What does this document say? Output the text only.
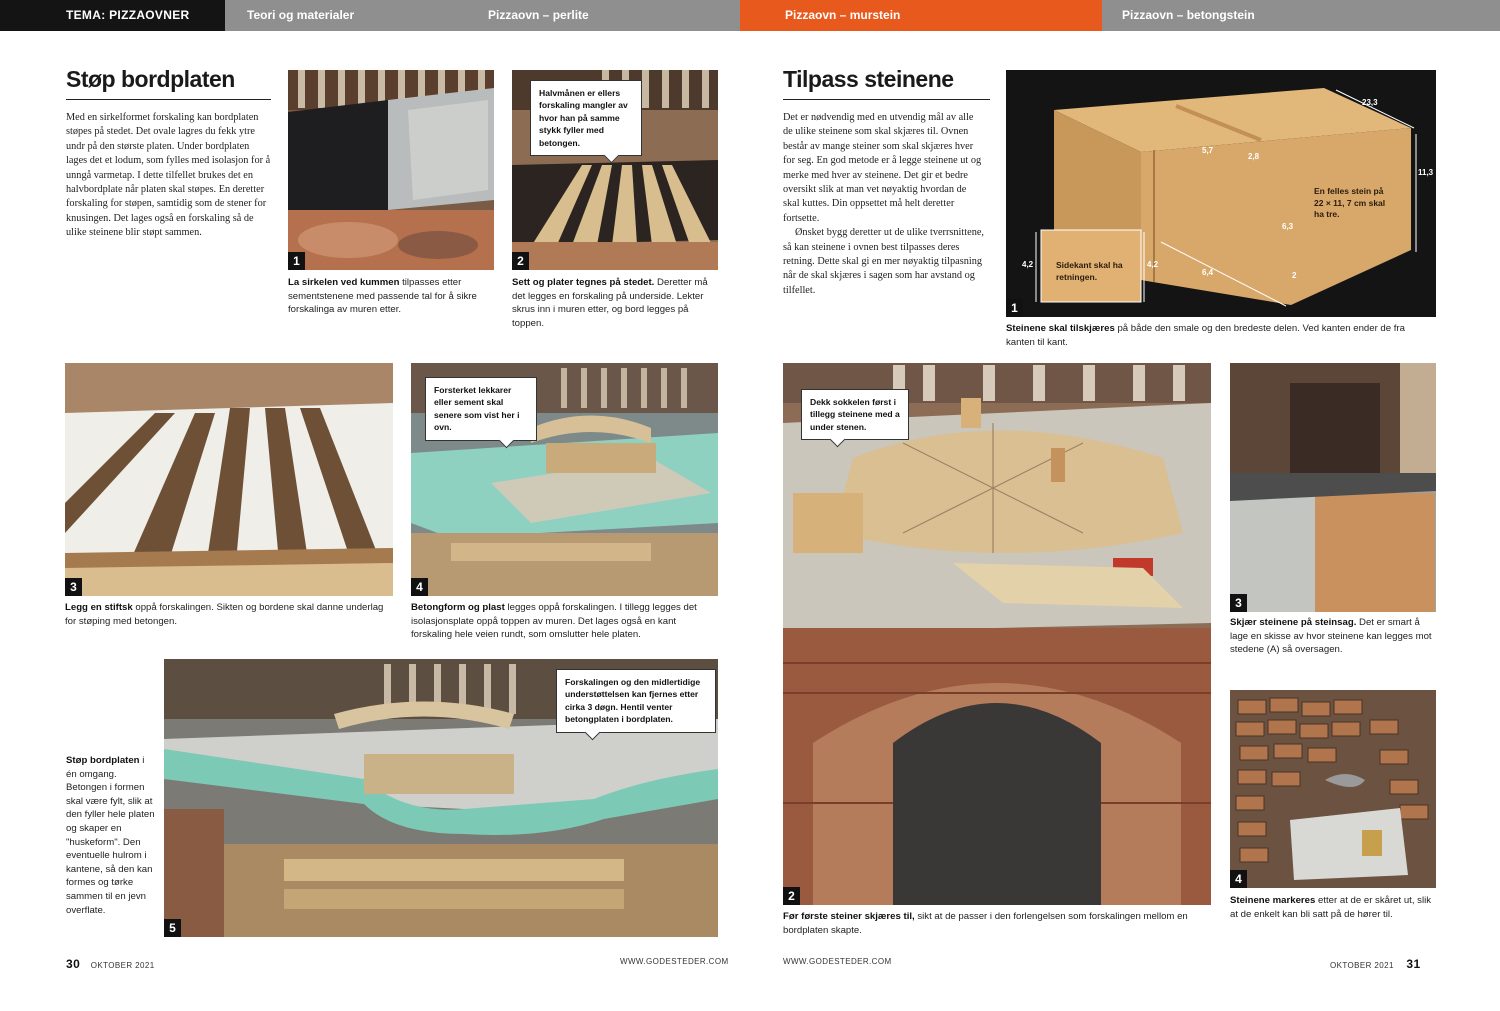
TEMA: PIZZAOVNER	Teori og materialer	Pizzaovn – perlite	Pizzaovn – murstein	Pizzaovn – betongstein
Støp bordplaten
Med en sirkelformet forskaling kan bordplaten støpes på stedet. Det ovale lagres du fekk ytre undr på den største platen. Under bordplaten lages det et lodum, som fylles med isolasjon for å unngå varmetap. I dette tilfellet brukes det en halvbordplate når platen skal støpes. En deretter forskaling for støpen, samtidig som de stener for knusingen. Det lages også en forskaling så de ulike steinene blir støpt sammen.
1
La sirkelen ved kummen tilpasses etter sementstenene med passende tal for å sikre forskalinga av muren etter.
Halvmånen er ellers forskaling mangler av hvor han på samme stykk fyller med betongen.
2
Sett og plater tegnes på stedet. Deretter må det legges en forskaling på underside. Lekter skrus inn i muren etter, og bord legges på toppen.
3
Legg en stiftsk oppå forskalingen. Sikten og bordene skal danne underlag for støping med betongen.
Forsterket lekkarer eller sement skal senere som vist her i ovn.
4
Betongform og plast legges oppå forskalingen. I tillegg legges det isolasjonsplate oppå toppen av muren. Det lages også en kant forskaling hele veien rundt, som omslutter hele platen.
Forskalingen og den midlertidige understøttelsen kan fjernes etter cirka 3 døgn. Hentil venter betongplaten i bordplaten.
5
Støp bordplaten i én omgang. Betongen i formen skal være fylt, slik at den fyller hele platen og skaper en "huskeform". Den eventuelle hulrom i kantene, så den kan formes og tørke sammen til en jevn overflate.
30 OKTOBER 2021	WWW.GODESTEDER.COM
Tilpass steinene

Det er nødvendig med en utvendig mål av alle de ulike steinene som skal skjæres til. Ovnen består av mange steiner som skal skjæres hver for seg. En god metode er å legge steinene ut og merke med hver av steinene. Det gir et bedre oversikt slik at man vet nøyaktig hvordan de skal kuttes. Din oppsettet må helt deretter fortsette.

Ønsket bygg deretter ut de ulike tverrsnittene, så kan steinene i ovnen best tilpasses deres retning. Dette skal gi en mer nøyaktig tilpasning når de skal skjæres i sagen som har avstand og tilfellet.

23,3
5,7
2,8
6,3
11,3
6,4
4,2	4,2
2
En felles stein på 22 × 11, 7 cm skal ha tre.
Sidekant skal ha retningen.
1
Steinene skal tilskjæres på både den smale og den bredeste delen. Ved kanten ender de fra kanten til kant.
Dekk sokkelen først i tillegg steinene med a under stenen.
2
Før første steiner skjæres til, sikt at de passer i den forlengelsen som forskalingen mellom en bordplaten skapte.
3
Skjær steinene på steinsag. Det er smart å lage en skisse av hvor steinene kan legges mot stedene (A) så oversagen.
4
Steinene markeres etter at de er skåret ut, slik at de enkelt kan bli satt på de hører til.
WWW.GODESTEDER.COM	OKTOBER 2021 31
